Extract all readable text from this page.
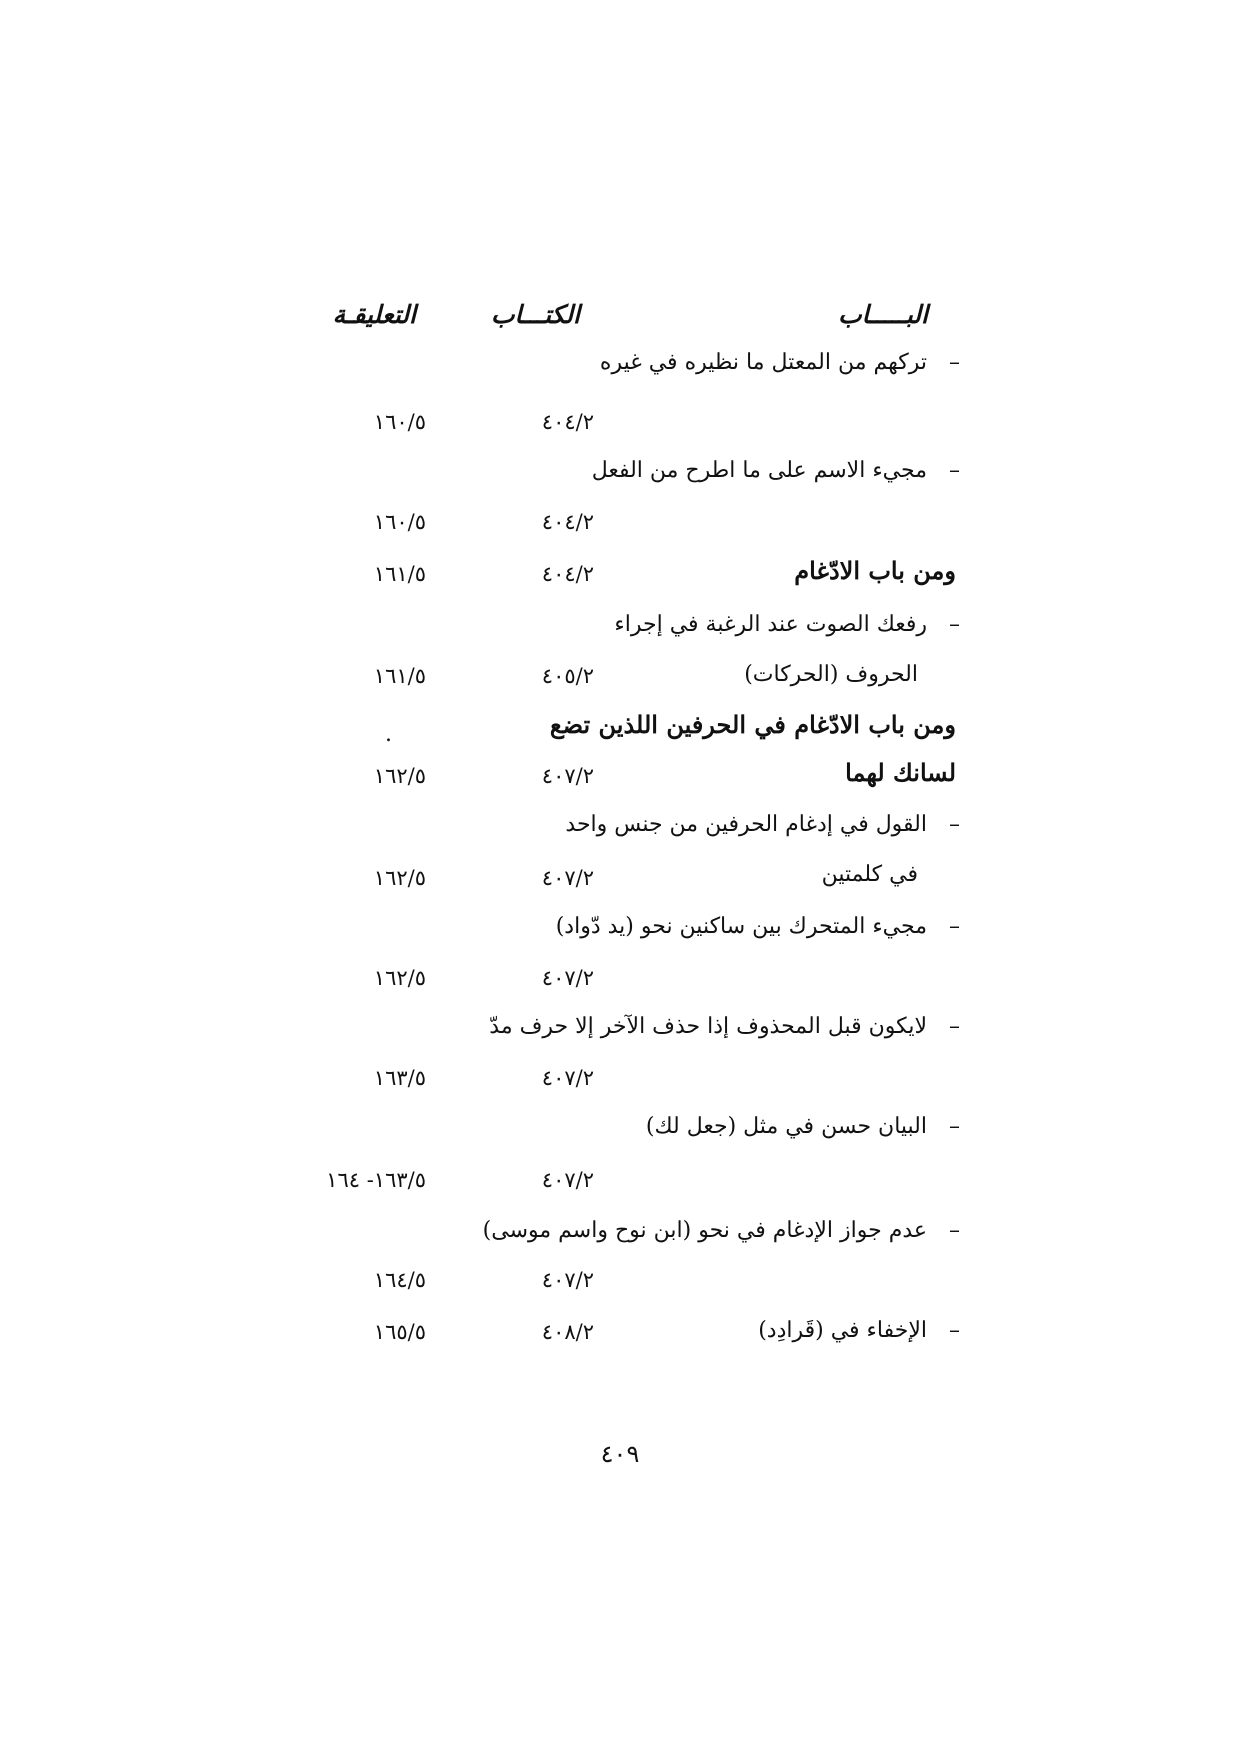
البـــــاب
الكتـــاب
التعليقـة
–تركهم من المعتل ما نظيره في غيره
٤٠٤/٢
١٦٠/٥
–مجيء الاسم على ما اطرح من الفعل
٤٠٤/٢
١٦٠/٥
ومن باب الادّغام
٤٠٤/٢
١٦١/٥
–رفعك الصوت عند الرغبة في إجراء
الحروف (الحركات)
٤٠٥/٢
١٦١/٥
ومن باب الادّغام في الحرفين اللذين تضع
.
لسانك لهما
٤٠٧/٢
١٦٢/٥
–القول في إدغام الحرفين من جنس واحد
في كلمتين
٤٠٧/٢
١٦٢/٥
–مجيء المتحرك بين ساكنين نحو (يد دّواد)
٤٠٧/٢
١٦٢/٥
–لايكون قبل المحذوف إذا حذف الآخر إلا حرف مدّ
٤٠٧/٢
١٦٣/٥
–البيان حسن في مثل (جعل لك)
٤٠٧/٢
١٦٣/٥- ١٦٤
–عدم جواز الإدغام في نحو (ابن نوح واسم موسى)
٤٠٧/٢
١٦٤/٥
–الإخفاء في (قَرادِد)
٤٠٨/٢
١٦٥/٥
٤٠٩
